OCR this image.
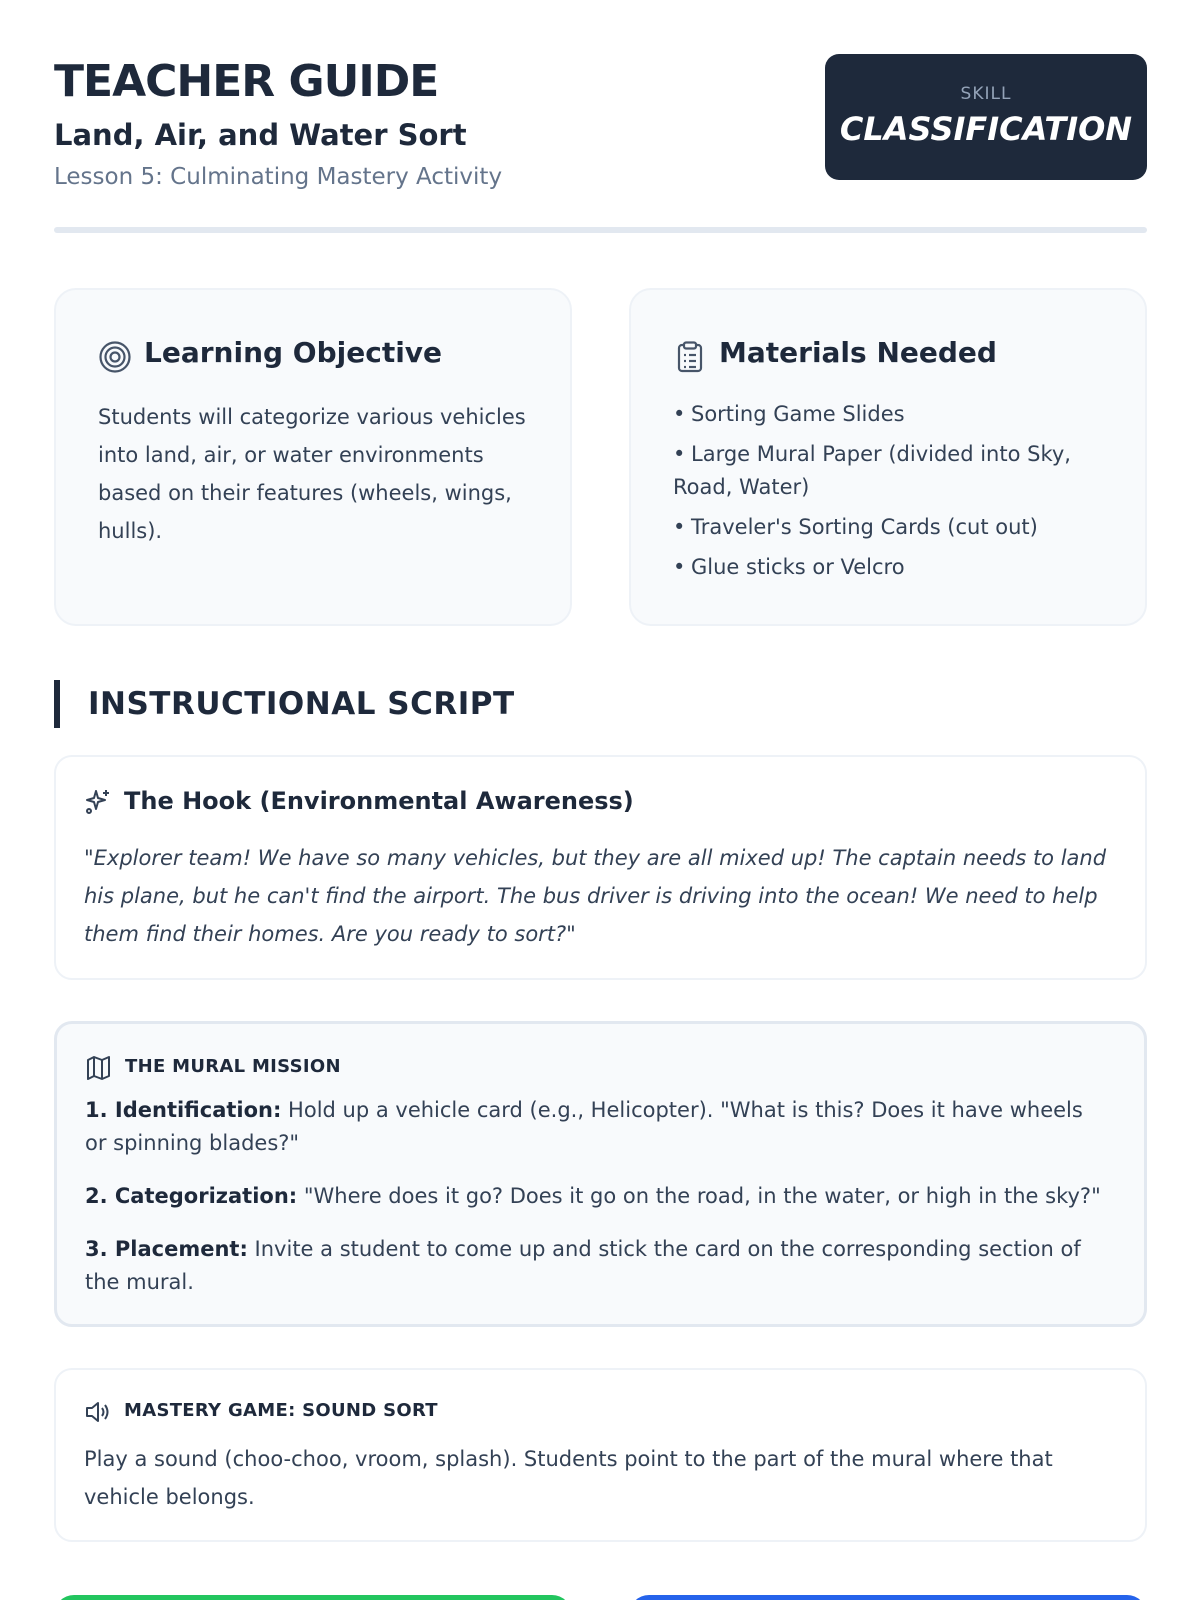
TEACHER GUIDE
Land, Air, and Water Sort
Lesson 5: Culminating Mastery Activity
SKILL
CLASSIFICATION
Learning Objective
Students will categorize various vehicles into land, air, or water environments based on their features (wheels, wings, hulls).
Materials Needed
• Sorting Game Slides
• Large Mural Paper (divided into Sky, Road, Water)
• Traveler's Sorting Cards (cut out)
• Glue sticks or Velcro
INSTRUCTIONAL SCRIPT
The Hook (Environmental Awareness)
"Explorer team! We have so many vehicles, but they are all mixed up! The captain needs to land his plane, but he can't find the airport. The bus driver is driving into the ocean! We need to help them find their homes. Are you ready to sort?"
THE MURAL MISSION
1. Identification: Hold up a vehicle card (e.g., Helicopter). "What is this? Does it have wheels or spinning blades?"
2. Categorization: "Where does it go? Does it go on the road, in the water, or high in the sky?"
3. Placement: Invite a student to come up and stick the card on the corresponding section of the mural.
MASTERY GAME: SOUND SORT
Play a sound (choo-choo, vroom, splash). Students point to the part of the mural where that vehicle belongs.
